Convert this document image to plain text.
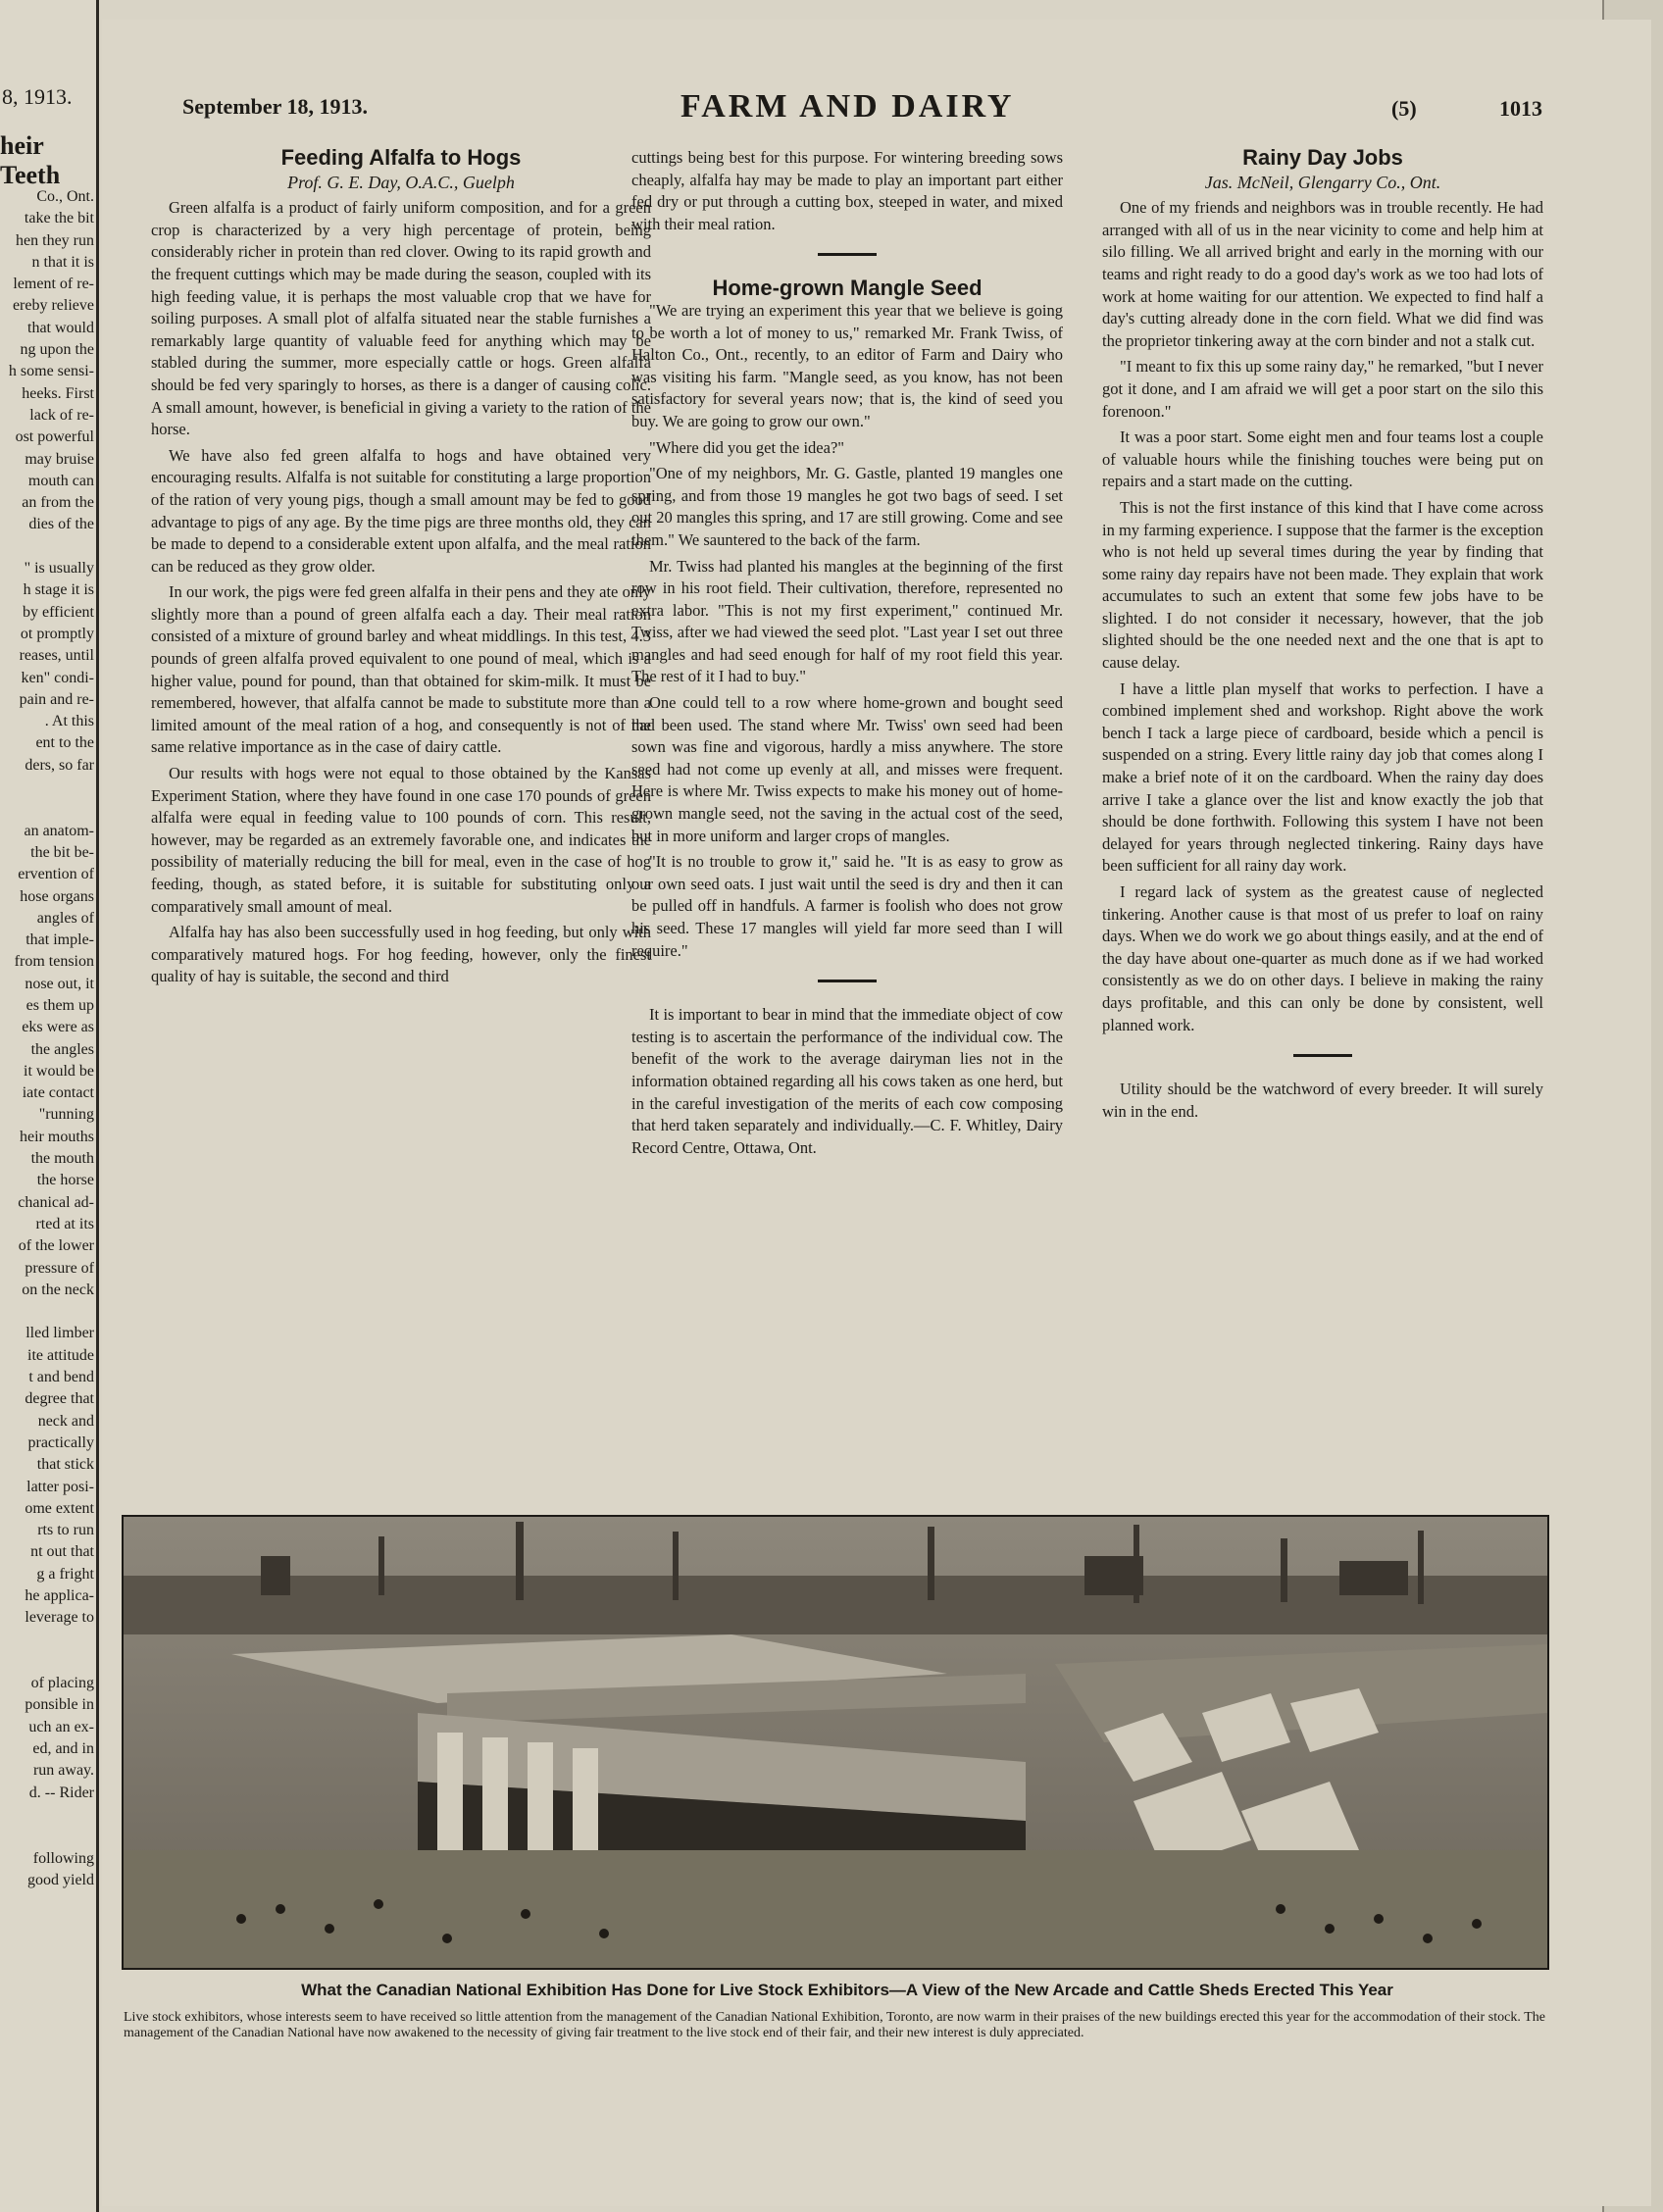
8, 1913.
heir Teeth
Co., Ont.
take the bit
hen they run
n that it is
lement of re-
ereby relieve
that would
ng upon the
h some sensi-
heeks. First
lack of re-
ost powerful
may bruise
mouth can
an from the
dies of the
" is usually
h stage it is
by efficient
ot promptly
reases, until
ken" condi-
pain and re-
. At this
ent to the
ders, so far
an anatom-
the bit be-
ervention of
hose organs
angles of
that imple-
from tension
nose out, it
es them up
eks were as
the angles
it would be
iate contact
"running
heir mouths
the mouth
the horse
chanical ad-
rted at its
of the lower
pressure of
on the neck
lled limber
ite attitude
t and bend
degree that
neck and
practically
that stick
latter posi-
ome extent
rts to run
nt out that
g a fright
he applica-
leverage to
of placing
ponsible in
uch an ex-
ed, and in
run away.
d. -- Rider
following
good yield
September 18, 1913.	FARM AND DAIRY	(5)	1013
Feeding Alfalfa to Hogs
Prof. G. E. Day, O.A.C., Guelph

Green alfalfa is a product of fairly uniform composition, and for a green crop is characterized by a very high percentage of protein, being considerably richer in protein than red clover. Owing to its rapid growth and the frequent cuttings which may be made during the season, coupled with its high feeding value, it is perhaps the most valuable crop that we have for soiling purposes. A small plot of alfalfa situated near the stable furnishes a remarkably large quantity of valuable feed for anything which may be stabled during the summer, more especially cattle or hogs. Green alfalfa should be fed very sparingly to horses, as there is a danger of causing colic. A small amount, however, is beneficial in giving a variety to the ration of the horse.

We have also fed green alfalfa to hogs and have obtained very encouraging results. Alfalfa is not suitable for constituting a large proportion of the ration of very young pigs, though a small amount may be fed to good advantage to pigs of any age. By the time pigs are three months old, they can be made to depend to a considerable extent upon alfalfa, and the meal ration can be reduced as they grow older.

In our work, the pigs were fed green alfalfa in their pens and they ate only slightly more than a pound of green alfalfa each a day. Their meal ration consisted of a mixture of ground barley and wheat middlings. In this test, 4.3 pounds of green alfalfa proved equivalent to one pound of meal, which is a higher value, pound for pound, than that obtained for skim-milk. It must be remembered, however, that alfalfa cannot be made to substitute more than a limited amount of the meal ration of a hog, and consequently is not of the same relative importance as in the case of dairy cattle.

Our results with hogs were not equal to those obtained by the Kansas Experiment Station, where they have found in one case 170 pounds of green alfalfa were equal in feeding value to 100 pounds of corn. This result, however, may be regarded as an extremely favorable one, and indicates the possibility of materially reducing the bill for meal, even in the case of hog feeding, though, as stated before, it is suitable for substituting only a comparatively small amount of meal.

Alfalfa hay has also been successfully used in hog feeding, but only with comparatively matured hogs. For hog feeding, however, only the finest quality of hay is suitable, the second and third

cuttings being best for this purpose. For wintering breeding sows cheaply, alfalfa hay may be made to play an important part either fed dry or put through a cutting box, steeped in water, and mixed with their meal ration.

Home-grown Mangle Seed

"We are trying an experiment this year that we believe is going to be worth a lot of money to us," remarked Mr. Frank Twiss, of Halton Co., Ont., recently, to an editor of Farm and Dairy who was visiting his farm. "Mangle seed, as you know, has not been satisfactory for several years now; that is, the kind of seed you buy. We are going to grow our own."

"Where did you get the idea?"

"One of my neighbors, Mr. G. Gastle, planted 19 mangles one spring, and from those 19 mangles he got two bags of seed. I set out 20 mangles this spring, and 17 are still growing. Come and see them." We sauntered to the back of the farm.

Mr. Twiss had planted his mangles at the beginning of the first row in his root field. Their cultivation, therefore, represented no extra labor. "This is not my first experiment," continued Mr. Twiss, after we had viewed the seed plot. "Last year I set out three mangles and had seed enough for half of my root field this year. The rest of it I had to buy."

One could tell to a row where home-grown and bought seed had been used. The stand where Mr. Twiss' own seed had been sown was fine and vigorous, hardly a miss anywhere. The store seed had not come up evenly at all, and misses were frequent. Here is where Mr. Twiss expects to make his money out of home-grown mangle seed, not the saving in the actual cost of the seed, but in more uniform and larger crops of mangles.

"It is no trouble to grow it," said he. "It is as easy to grow as our own seed oats. I just wait until the seed is dry and then it can be pulled off in handfuls. A farmer is foolish who does not grow his seed. These 17 mangles will yield far more seed than I will require."

It is important to bear in mind that the immediate object of cow testing is to ascertain the performance of the individual cow. The benefit of the work to the average dairyman lies not in the information obtained regarding all his cows taken as one herd, but in the careful investigation of the merits of each cow composing that herd taken separately and individually.—C. F. Whitley, Dairy Record Centre, Ottawa, Ont.

Rainy Day Jobs
Jas. McNeil, Glengarry Co., Ont.

One of my friends and neighbors was in trouble recently. He had arranged with all of us in the near vicinity to come and help him at silo filling. We all arrived bright and early in the morning with our teams and right ready to do a good day's work as we too had lots of work at home waiting for our attention. We expected to find half a day's cutting already done in the corn field. What we did find was the proprietor tinkering away at the corn binder and not a stalk cut.

"I meant to fix this up some rainy day," he remarked, "but I never got it done, and I am afraid we will get a poor start on the silo this forenoon."

It was a poor start. Some eight men and four teams lost a couple of valuable hours while the finishing touches were being put on repairs and a start made on the cutting.

This is not the first instance of this kind that I have come across in my farming experience. I suppose that the farmer is the exception who is not held up several times during the year by finding that some rainy day repairs have not been made. They explain that work accumulates to such an extent that some few jobs have to be slighted. I do not consider it necessary, however, that the job slighted should be the one needed next and the one that is apt to cause delay.

I have a little plan myself that works to perfection. I have a combined implement shed and workshop. Right above the work bench I tack a large piece of cardboard, beside which a pencil is suspended on a string. Every little rainy day job that comes along I make a brief note of it on the cardboard. When the rainy day does arrive I take a glance over the list and know exactly the job that should be done forthwith. Following this system I have not been delayed for years through neglected tinkering. Rainy days have been sufficient for all rainy day work.

I regard lack of system as the greatest cause of neglected tinkering. Another cause is that most of us prefer to loaf on rainy days. When we do work we go about things easily, and at the end of the day have about one-quarter as much done as if we had worked consistently as we do on other days. I believe in making the rainy days profitable, and this can only be done by consistent, well planned work.

Utility should be the watchword of every breeder. It will surely win in the end.

What the Canadian National Exhibition Has Done for Live Stock Exhibitors—A View of the New Arcade and Cattle Sheds Erected This Year
Live stock exhibitors, whose interests seem to have received so little attention from the management of the Canadian National Exhibition, Toronto, are now warm in their praises of the new buildings erected this year for the accommodation of their stock. The management of the Canadian National have now awakened to the necessity of giving fair treatment to the live stock end of their fair, and their new interest is duly appreciated.
